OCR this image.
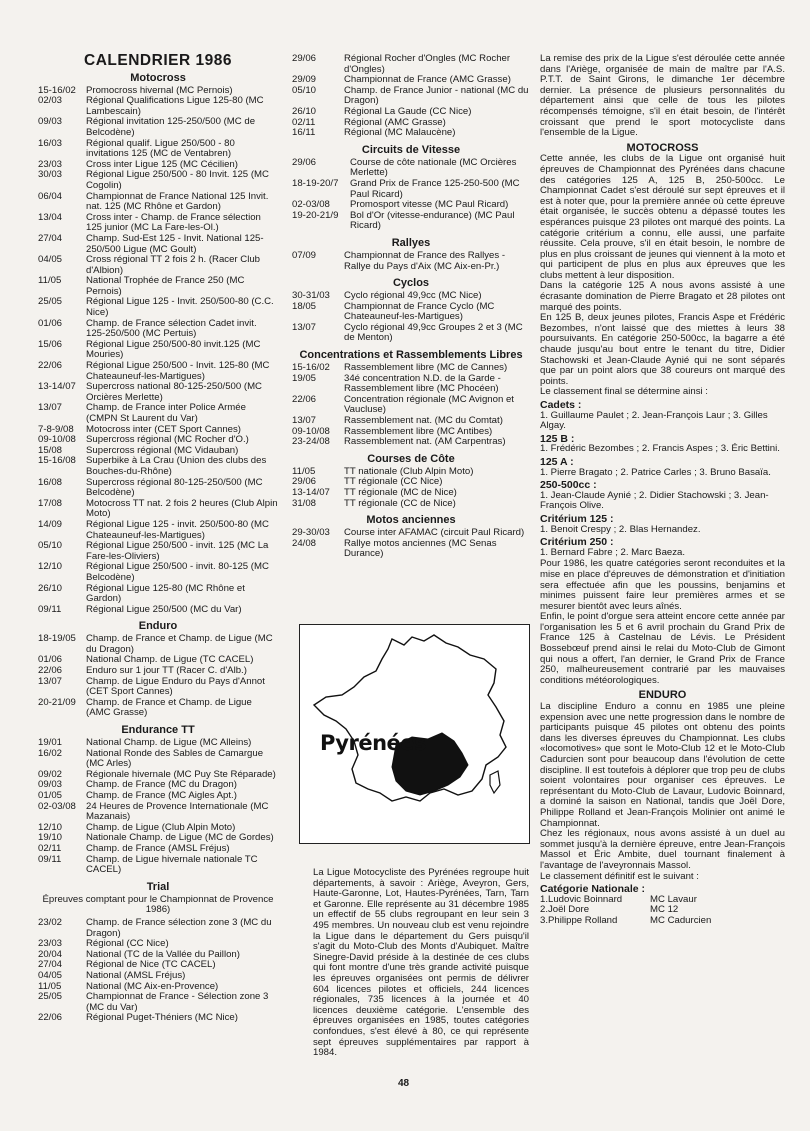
CALENDRIER 1986
Motocross
15-16/02	Promocross hivernal (MC Pernois)
02/03	Régional Qualifications Ligue 125-80 (MC Lambescain)
09/03	Régional invitation 125-250/500 (MC de Belcodène)
16/03	Régional qualif. Ligue 250/500 - 80 invitations 125 (MC de Ventabren)
23/03	Cross inter Ligue 125 (MC Cécilien)
30/03	Régional Ligue 250/500 - 80 Invit. 125 (MC Cogolin)
06/04	Championnat de France National 125 Invit. nat. 125 (MC Rhône et Gardon)
13/04	Cross inter - Champ. de France sélection 125 junior (MC La Fare-les-Ol.)
27/04	Champ. Sud-Est 125 - Invit. National 125-250/500 Ligue (MC Goult)
04/05	Cross régional TT 2 fois 2 h. (Racer Club d'Albion)
11/05	National Trophée de France 250 (MC Pernois)
25/05	Régional Ligue 125 - Invit. 250/500-80 (C.C. Nice)
01/06	Champ. de France sélection Cadet invit. 125-250/500 (MC Pertuis)
15/06	Régional Ligue 250/500-80 invit.125 (MC Mouries)
22/06	Régional Ligue 250/500 - Invit. 125-80 (MC Chateauneuf-les-Martigues)
13-14/07	Supercross national 80-125-250/500 (MC Orcières Merlette)
13/07	Champ. de France inter Police Armée (CMPN St Laurent du Var)
7-8-9/08	Motocross inter (CET Sport Cannes)
09-10/08	Supercross régional (MC Rocher d'O.)
15/08	Supercross régional (MC Vidauban)
15-16/08	Superbike à La Crau (Union des clubs des Bouches-du-Rhône)
16/08	Supercross régional 80-125-250/500 (MC Belcodène)
17/08	Motocross TT nat. 2 fois 2 heures (Club Alpin Moto)
14/09	Régional Ligue 125 - invit. 250/500-80 (MC Chateauneuf-les-Martigues)
05/10	Régional Ligue 250/500 - invit. 125 (MC La Fare-les-Oliviers)
12/10	Régional Ligue 250/500 - invit. 80-125 (MC Belcodène)
26/10	Régional Ligue 125-80 (MC Rhône et Gardon)
09/11	Régional Ligue 250/500 (MC du Var)
Enduro
18-19/05	Champ. de France et Champ. de Ligue (MC du Dragon)
01/06	National Champ. de Ligue (TC CACEL)
22/06	Enduro sur 1 jour TT (Racer C. d'Alb.)
13/07	Champ. de Ligue Enduro du Pays d'Annot (CET Sport Cannes)
20-21/09	Champ. de France et Champ. de Ligue (AMC Grasse)
Endurance TT
19/01	National Champ. de Ligue (MC Alleins)
16/02	National Ronde des Sables de Camargue (MC Arles)
09/02	Régionale hivernale (MC Puy Ste Réparade)
09/03	Champ. de France (MC du Dragon)
01/05	Champ. de France (MC Aigles Apt.)
02-03/08	24 Heures de Provence Internationale (MC Mazanais)
12/10	Champ. de Ligue (Club Alpin Moto)
19/10	Nationale Champ. de Ligue (MC de Gordes)
02/11	Champ. de France (AMSL Fréjus)
09/11	Champ. de Ligue hivernale nationale TC CACEL)
Trial
Épreuves comptant pour le Championnat de Provence 1986)
23/02	Champ. de France sélection zone 3 (MC du Dragon)
23/03	Régional (CC Nice)
20/04	National (TC de la Vallée du Paillon)
27/04	Régional de Nice (TC CACEL)
04/05	National (AMSL Fréjus)
11/05	National (MC Aix-en-Provence)
25/05	Championnat de France - Sélection zone 3 (MC du Var)
22/06	Régional Puget-Théniers (MC Nice)
29/06	Régional Rocher d'Ongles (MC Rocher d'Ongles)
29/09	Championnat de France (AMC Grasse)
05/10	Champ. de France Junior - national (MC du Dragon)
26/10	Régional La Gaude (CC Nice)
02/11	Régional (AMC Grasse)
16/11	Régional (MC Malaucène)
Circuits de Vitesse
29/06	Course de côte nationale (MC Orcières Merlette)
18-19-20/7	Grand Prix de France 125-250-500 (MC Paul Ricard)
02-03/08	Promosport vitesse (MC Paul Ricard)
19-20-21/9	Bol d'Or (vitesse-endurance) (MC Paul Ricard)
Rallyes
07/09	Championnat de France des Rallyes - Rallye du Pays d'Aix (MC Aix-en-Pr.)
Cyclos
30-31/03	Cyclo régional 49,9cc (MC Nice)
18/05	Championnat de France Cyclo (MC Chateauneuf-les-Martigues)
13/07	Cyclo régional 49,9cc Groupes 2 et 3 (MC de Menton)
Concentrations et Rassemblements Libres
15-16/02	Rassemblement libre (MC de Cannes)
19/05	34é concentration N.D. de la Garde - Rassemblement libre (MC Phocéen)
22/06	Concentration régionale (MC Avignon et Vaucluse)
13/07	Rassemblement nat. (MC du Comtat)
09-10/08	Rassemblement libre (MC Antibes)
23-24/08	Rassemblement nat. (AM Carpentras)
Courses de Côte
11/05	TT nationale (Club Alpin Moto)
29/06	TT régionale (CC Nice)
13-14/07	TT régionale (MC de Nice)
31/08	TT régionale (CC de Nice)
Motos anciennes
29-30/03	Course inter AFAMAC (circuit Paul Ricard)
24/08	Rallye motos anciennes (MC Senas Durance)
Pyrénées
La Ligue Motocycliste des Pyrénées regroupe huit départements, à savoir : Ariège, Aveyron, Gers, Haute-Garonne, Lot, Hautes-Pyrénées, Tarn, Tarn et Garonne. Elle représente au 31 décembre 1985 un effectif de 55 clubs regroupant en leur sein 3 495 membres. Un nouveau club est venu rejoindre la Ligue dans le département du Gers puisqu'il s'agit du Moto-Club des Monts d'Aubiquet. Maître Sinegre-David préside à la destinée de ces clubs qui font montre d'une très grande activité puisque les épreuves organisées ont permis de délivrer 604 licences pilotes et officiels, 244 licences régionales, 735 licences à la journée et 40 licences deuxième catégorie. L'ensemble des épreuves organisées en 1985, toutes catégories confondues, s'est élevé à 80, ce qui représente sept épreuves supplémentaires par rapport à 1984.

La remise des prix de la Ligue s'est déroulée cette année dans l'Ariège, organisée de main de maître par l'A.S. P.T.T. de Saint Girons, le dimanche 1er décembre dernier. La présence de plusieurs personnalités du département ainsi que celle de tous les pilotes récompensés témoigne, s'il en était besoin, de l'intérêt croissant que prend le sport motocycliste dans l'ensemble de la Ligue.

MOTOCROSS

Cette année, les clubs de la Ligue ont organisé huit épreuves de Championnat des Pyrénées dans chacune des catégories 125 A, 125 B, 250-500cc. Le Championnat Cadet s'est déroulé sur sept épreuves et il est à noter que, pour la première année où cette épreuve était organisée, le succès obtenu a dépassé toutes les espérances puisque 23 pilotes ont marqué des points. La catégorie critérium a connu, elle aussi, une parfaite réussite. Cela prouve, s'il en était besoin, le nombre de plus en plus croissant de jeunes qui viennent à la moto et qui participent de plus en plus aux épreuves que les clubs mettent à leur disposition.

Dans la catégorie 125 A nous avons assisté à une écrasante domination de Pierre Bragato et 28 pilotes ont marqué des points.

En 125 B, deux jeunes pilotes, Francis Aspe et Frédéric Bezombes, n'ont laissé que des miettes à leurs 38 poursuivants. En catégorie 250-500cc, la bagarre a été chaude jusqu'au bout entre le tenant du titre, Didier Stachowski et Jean-Claude Aynié qui ne sont séparés que par un point alors que 38 coureurs ont marqué des points.

Le classement final se détermine ainsi :

Cadets :
1. Guillaume Paulet ; 2. Jean-François Laur ; 3. Gilles Algay.
125 B :
1. Frédéric Bezombes ; 2. Francis Aspes ; 3. Éric Bettini.
125 A :
1. Pierre Bragato ; 2. Patrice Carles ; 3. Bruno Basaïa.
250-500cc :
1. Jean-Claude Aynié ; 2. Didier Stachowski ; 3. Jean-François Olive.
Critérium 125 :
1. Benoit Crespy ; 2. Blas Hernandez.
Critérium 250 :
1. Bernard Fabre ; 2. Marc Baeza.

Pour 1986, les quatre catégories seront reconduites et la mise en place d'épreuves de démonstration et d'initiation sera effectuée afin que les poussins, benjamins et minimes puissent faire leur premières armes et se mesurer bientôt avec leurs aînés.

Enfin, le point d'orgue sera atteint encore cette année par l'organisation les 5 et 6 avril prochain du Grand Prix de France 125 à Castelnau de Lévis. Le Président Bossebœuf prend ainsi le relai du Moto-Club de Gimont qui nous a offert, l'an dernier, le Grand Prix de France 250, malheureusement contrarié par les mauvaises conditions météorologiques.

ENDURO

La discipline Enduro a connu en 1985 une pleine expension avec une nette progression dans le nombre de participants puisque 45 pilotes ont obtenu des points dans les diverses épreuves du Championnat. Les clubs «locomotives» que sont le Moto-Club 12 et le Moto-Club Cadurcien sont pour beaucoup dans l'évolution de cette discipline. Il est toutefois à déplorer que trop peu de clubs soient volontaires pour organiser ces épreuves. Le représentant du Moto-Club de Lavaur, Ludovic Boinnard, a dominé la saison en National, tandis que Joël Dore, Philippe Rolland et Jean-François Molinier ont animé le Championnat.

Chez les régionaux, nous avons assisté à un duel au sommet jusqu'à la dernière épreuve, entre Jean-François Massol et Éric Ambite, duel tournant finalement à l'avantage de l'aveyronnais Massol.

Le classement définitif est le suivant :

Catégorie Nationale :
1.Ludovic Boinnard	MC Lavaur
2.Joël Dore	MC 12
3.Philippe Rolland	MC Cadurcien
48
